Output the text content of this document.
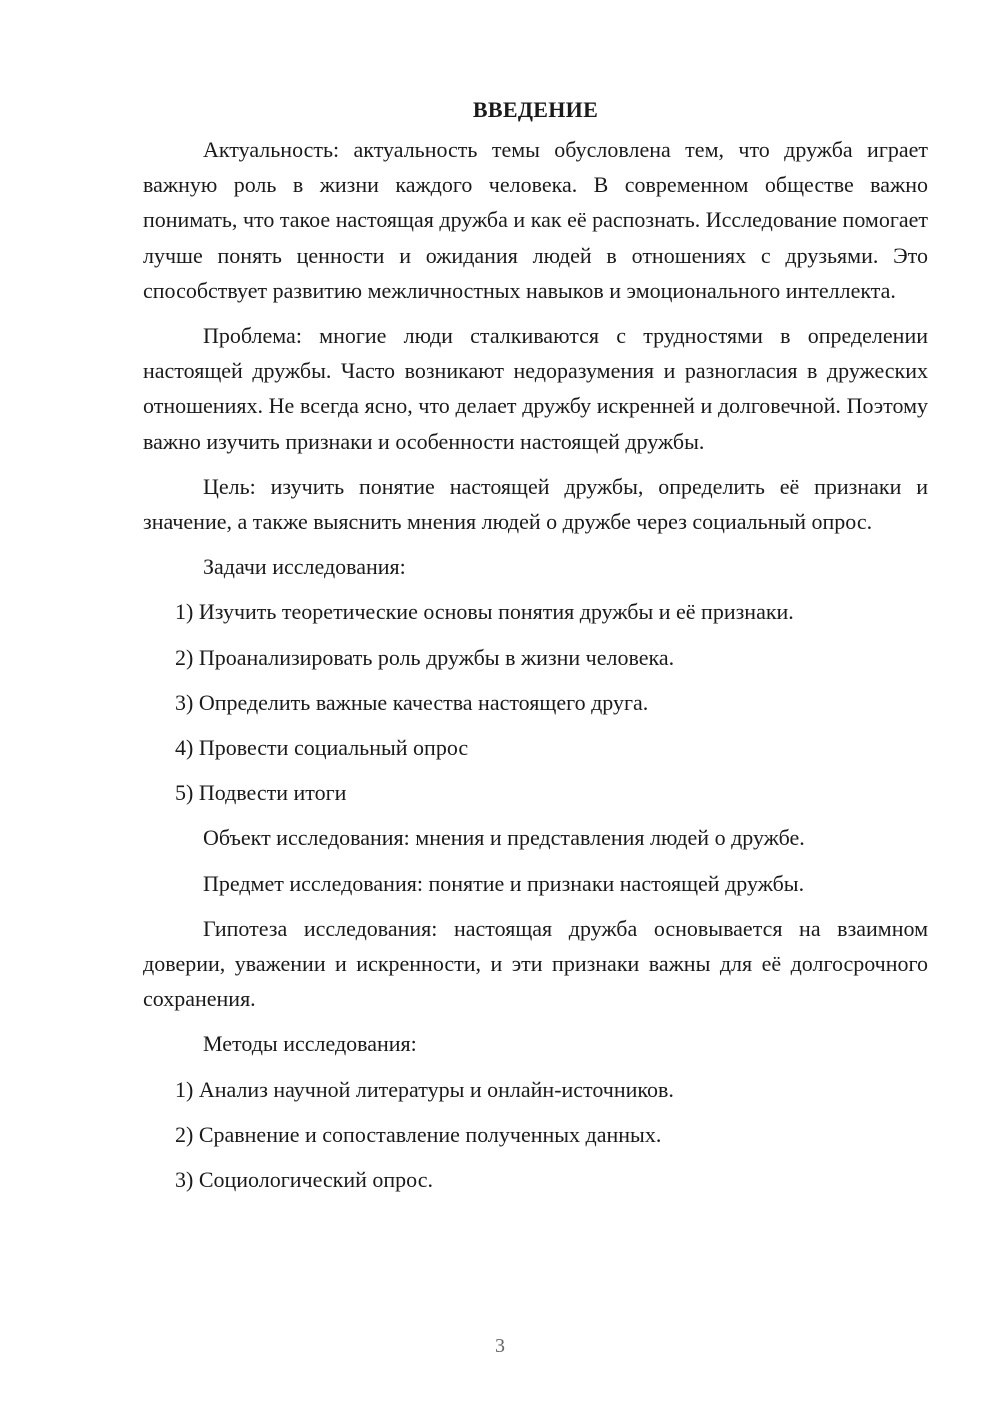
ВВЕДЕНИЕ

Актуальность: актуальность темы обусловлена тем, что дружба играет важную роль в жизни каждого человека. В современном обществе важно понимать, что такое настоящая дружба и как её распознать. Исследование помогает лучше понять ценности и ожидания людей в отношениях с друзьями. Это способствует развитию межличностных навыков и эмоционального интеллекта.

Проблема: многие люди сталкиваются с трудностями в определении настоящей дружбы. Часто возникают недоразумения и разногласия в дружеских отношениях. Не всегда ясно, что делает дружбу искренней и долговечной. Поэтому важно изучить признаки и особенности настоящей дружбы.

Цель: изучить понятие настоящей дружбы, определить её признаки и значение, а также выяснить мнения людей о дружбе через социальный опрос.

Задачи исследования:
1) Изучить теоретические основы понятия дружбы и её признаки.
2) Проанализировать роль дружбы в жизни человека.
3) Определить важные качества настоящего друга.
4) Провести социальный опрос
5) Подвести итоги
Объект исследования: мнения и представления людей о дружбе.
Предмет исследования: понятие и признаки настоящей дружбы.

Гипотеза исследования: настоящая дружба основывается на взаимном доверии, уважении и искренности, и эти признаки важны для её долгосрочного сохранения.

Методы исследования:
1) Анализ научной литературы и онлайн-источников.
2) Сравнение и сопоставление полученных данных.
3) Социологический опрос.
3
